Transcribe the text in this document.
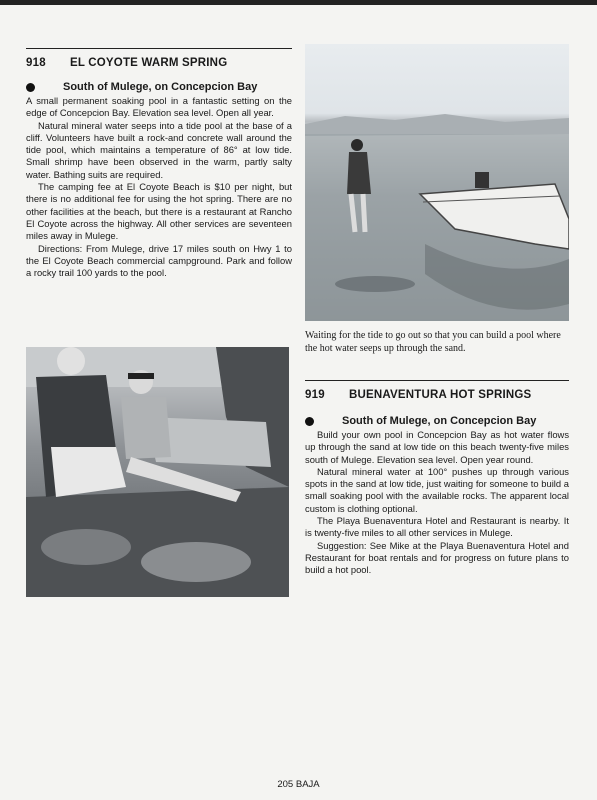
918	EL COYOTE WARM SPRING
South of Mulege, on Concepcion Bay

A small permanent soaking pool in a fantastic setting on the edge of Concepcion Bay. Elevation sea level. Open all year.

Natural mineral water seeps into a tide pool at the base of a cliff. Volunteers have built a rock-and concrete wall around the tide pool, which maintains a temperature of 86° at low tide. Small shrimp have been observed in the warm, partly salty water. Bathing suits are required.

The camping fee at El Coyote Beach is $10 per night, but there is no additional fee for using the hot spring. There are no other facilities at the beach, but there is a restaurant at Rancho El Coyote across the highway. All other services are seventeen miles away in Mulege.

Directions: From Mulege, drive 17 miles south on Hwy 1 to the El Coyote Beach commercial campground. Park and follow a rocky trail 100 yards to the pool.

Waiting for the tide to go out so that you can build a pool where the hot water seeps up through the sand.
919	BUENAVENTURA HOT SPRINGS
South of Mulege, on Concepcion Bay

Build your own pool in Concepcion Bay as hot water flows up through the sand at low tide on this beach twenty-five miles south of Mulege. Elevation sea level. Open year round.

Natural mineral water at 100° pushes up through various spots in the sand at low tide, just waiting for someone to build a small soaking pool with the available rocks. The apparent local custom is clothing optional.

The Playa Buenaventura Hotel and Restaurant is nearby. It is twenty-five miles to all other services in Mulege.

Suggestion: See Mike at the Playa Buenaventura Hotel and Restaurant for boat rentals and for progress on future plans to build a hot pool.

205 BAJA
